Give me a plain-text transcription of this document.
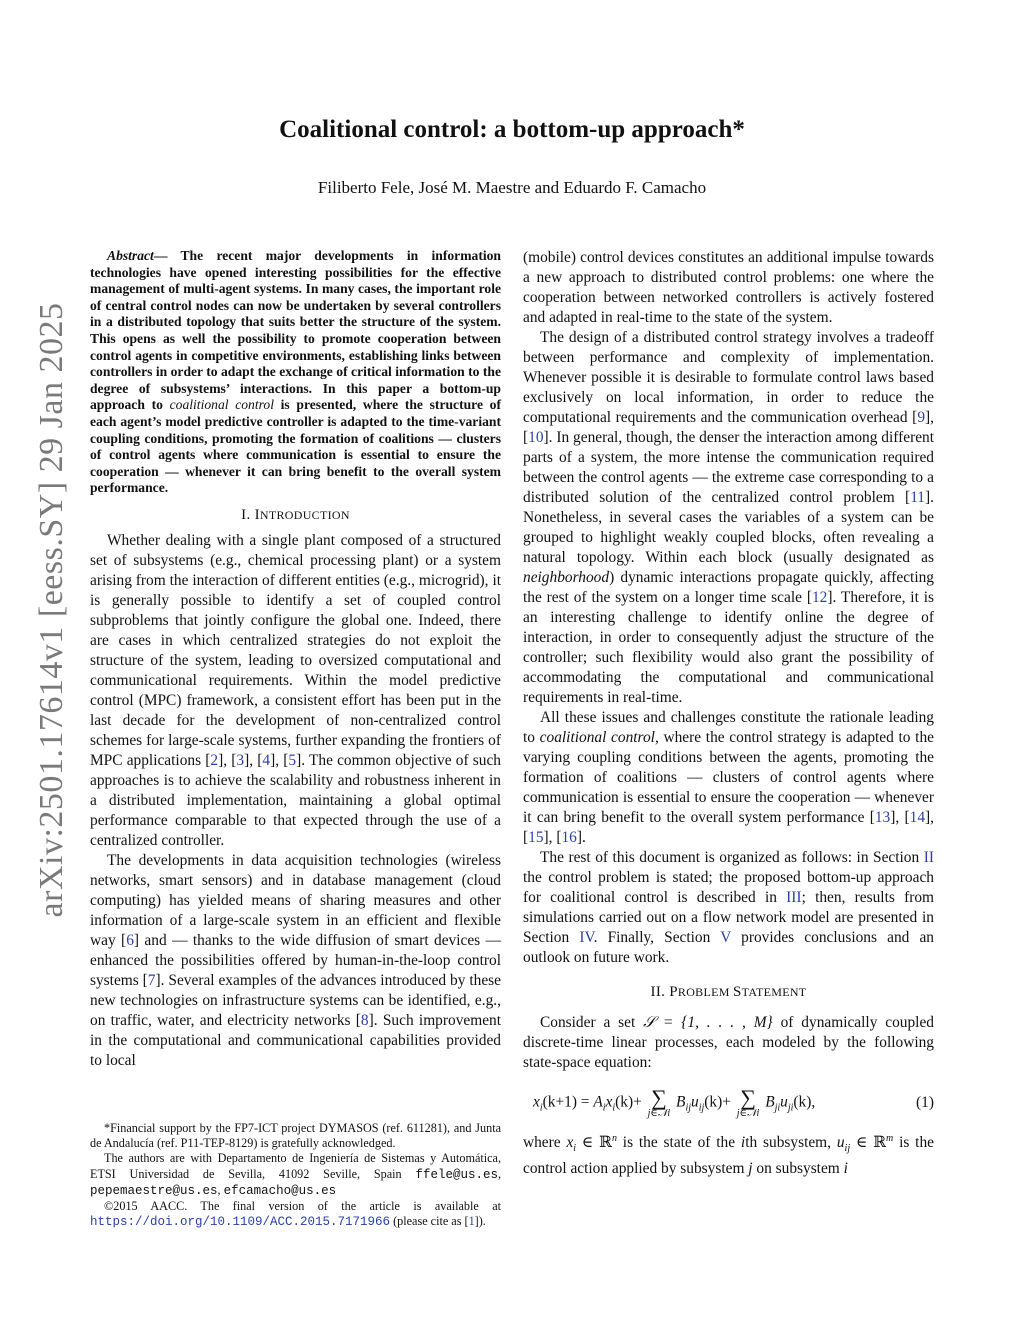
arXiv:2501.17614v1 [eess.SY] 29 Jan 2025
Coalitional control: a bottom-up approach*
Filiberto Fele, José M. Maestre and Eduardo F. Camacho

Abstract— The recent major developments in information technologies have opened interesting possibilities for the effective management of multi-agent systems. In many cases, the important role of central control nodes can now be undertaken by several controllers in a distributed topology that suits better the structure of the system. This opens as well the possibility to promote cooperation between control agents in competitive environments, establishing links between controllers in order to adapt the exchange of critical information to the degree of subsystems’ interactions. In this paper a bottom-up approach to coalitional control is presented, where the structure of each agent’s model predictive controller is adapted to the time-variant coupling conditions, promoting the formation of coalitions — clusters of control agents where communication is essential to ensure the cooperation — whenever it can bring benefit to the overall system performance.

I. INTRODUCTION

Whether dealing with a single plant composed of a structured set of subsystems (e.g., chemical processing plant) or a system arising from the interaction of different entities (e.g., microgrid), it is generally possible to identify a set of coupled control subproblems that jointly configure the global one. Indeed, there are cases in which centralized strategies do not exploit the structure of the system, leading to oversized computational and communicational requirements. Within the model predictive control (MPC) framework, a consistent effort has been put in the last decade for the development of non-centralized control schemes for large-scale systems, further expanding the frontiers of MPC applications [2], [3], [4], [5]. The common objective of such approaches is to achieve the scalability and robustness inherent in a distributed implementation, maintaining a global optimal performance comparable to that expected through the use of a centralized controller.

The developments in data acquisition technologies (wireless networks, smart sensors) and in database management (cloud computing) has yielded means of sharing measures and other information of a large-scale system in an efficient and flexible way [6] and — thanks to the wide diffusion of smart devices — enhanced the possibilities offered by human-in-the-loop control systems [7]. Several examples of the advances introduced by these new technologies on infrastructure systems can be identified, e.g., on traffic, water, and electricity networks [8]. Such improvement in the computational and communicational capabilities provided to local

*Financial support by the FP7-ICT project DYMASOS (ref. 611281), and Junta de Andalucía (ref. P11-TEP-8129) is gratefully acknowledged.

The authors are with Departamento de Ingeniería de Sistemas y Automática, ETSI Universidad de Sevilla, 41092 Seville, Spain ffele@us.es, pepemaestre@us.es, efcamacho@us.es

©2015 AACC. The final version of the article is available at https://doi.org/10.1109/ACC.2015.7171966 (please cite as [1]).

(mobile) control devices constitutes an additional impulse towards a new approach to distributed control problems: one where the cooperation between networked controllers is actively fostered and adapted in real-time to the state of the system.

The design of a distributed control strategy involves a tradeoff between performance and complexity of implementation. Whenever possible it is desirable to formulate control laws based exclusively on local information, in order to reduce the computational requirements and the communication overhead [9], [10]. In general, though, the denser the interaction among different parts of a system, the more intense the communication required between the control agents — the extreme case corresponding to a distributed solution of the centralized control problem [11]. Nonetheless, in several cases the variables of a system can be grouped to highlight weakly coupled blocks, often revealing a natural topology. Within each block (usually designated as neighborhood) dynamic interactions propagate quickly, affecting the rest of the system on a longer time scale [12]. Therefore, it is an interesting challenge to identify online the degree of interaction, in order to consequently adjust the structure of the controller; such flexibility would also grant the possibility of accommodating the computational and communicational requirements in real-time.

All these issues and challenges constitute the rationale leading to coalitional control, where the control strategy is adapted to the varying coupling conditions between the agents, promoting the formation of coalitions — clusters of control agents where communication is essential to ensure the cooperation — whenever it can bring benefit to the overall system performance [13], [14], [15], [16].

The rest of this document is organized as follows: in Section II the control problem is stated; the proposed bottom-up approach for coalitional control is described in III; then, results from simulations carried out on a flow network model are presented in Section IV. Finally, Section V provides conclusions and an outlook on future work.

II. PROBLEM STATEMENT

Consider a set 𝒮 = {1, . . . , M} of dynamically coupled discrete-time linear processes, each modeled by the following state-space equation:

$x_i(k+1) = A_ix_i(k)+$ ∑
j∈𝒩i
$B_{ij}u_{ij}(k)+$ ∑
j∈𝒩i
$B_{ji}u_{ji}(k)$,	(1)

where $x_i$ ∈ ℝ$^n$ is the state of the ith subsystem, $u_{ij}$ ∈ ℝ$^m$ is the control action applied by subsystem j on subsystem i
